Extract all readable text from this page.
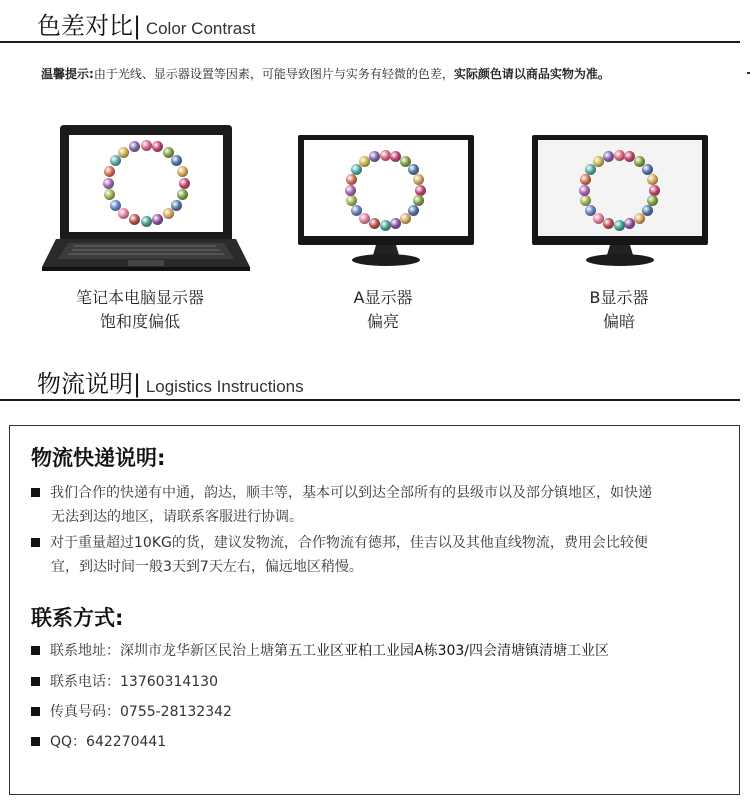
色差对比| Color Contrast
温馨提示:由于光线、显示器设置等因素，可能导致图片与实务有轻微的色差，实际颜色请以商品实物为准。
笔记本电脑显示器
饱和度偏低
A显示器
偏亮
B显示器
偏暗
物流说明| Logistics Instructions
物流快递说明:
我们合作的快递有中通，韵达，顺丰等，基本可以到达全部所有的县级市以及部分镇地区，如快递
无法到达的地区，请联系客服进行协调。
对于重量超过10KG的货，建议发物流，合作物流有德邦，佳吉以及其他直线物流，费用会比较便
宜，到达时间一般3天到7天左右，偏远地区稍慢。
联系方式:
联系地址：深圳市龙华新区民治上塘第五工业区亚柏工业园A栋303/四会清塘镇清塘工业区
联系电话：13760314130
传真号码：0755-28132342
QQ：642270441
